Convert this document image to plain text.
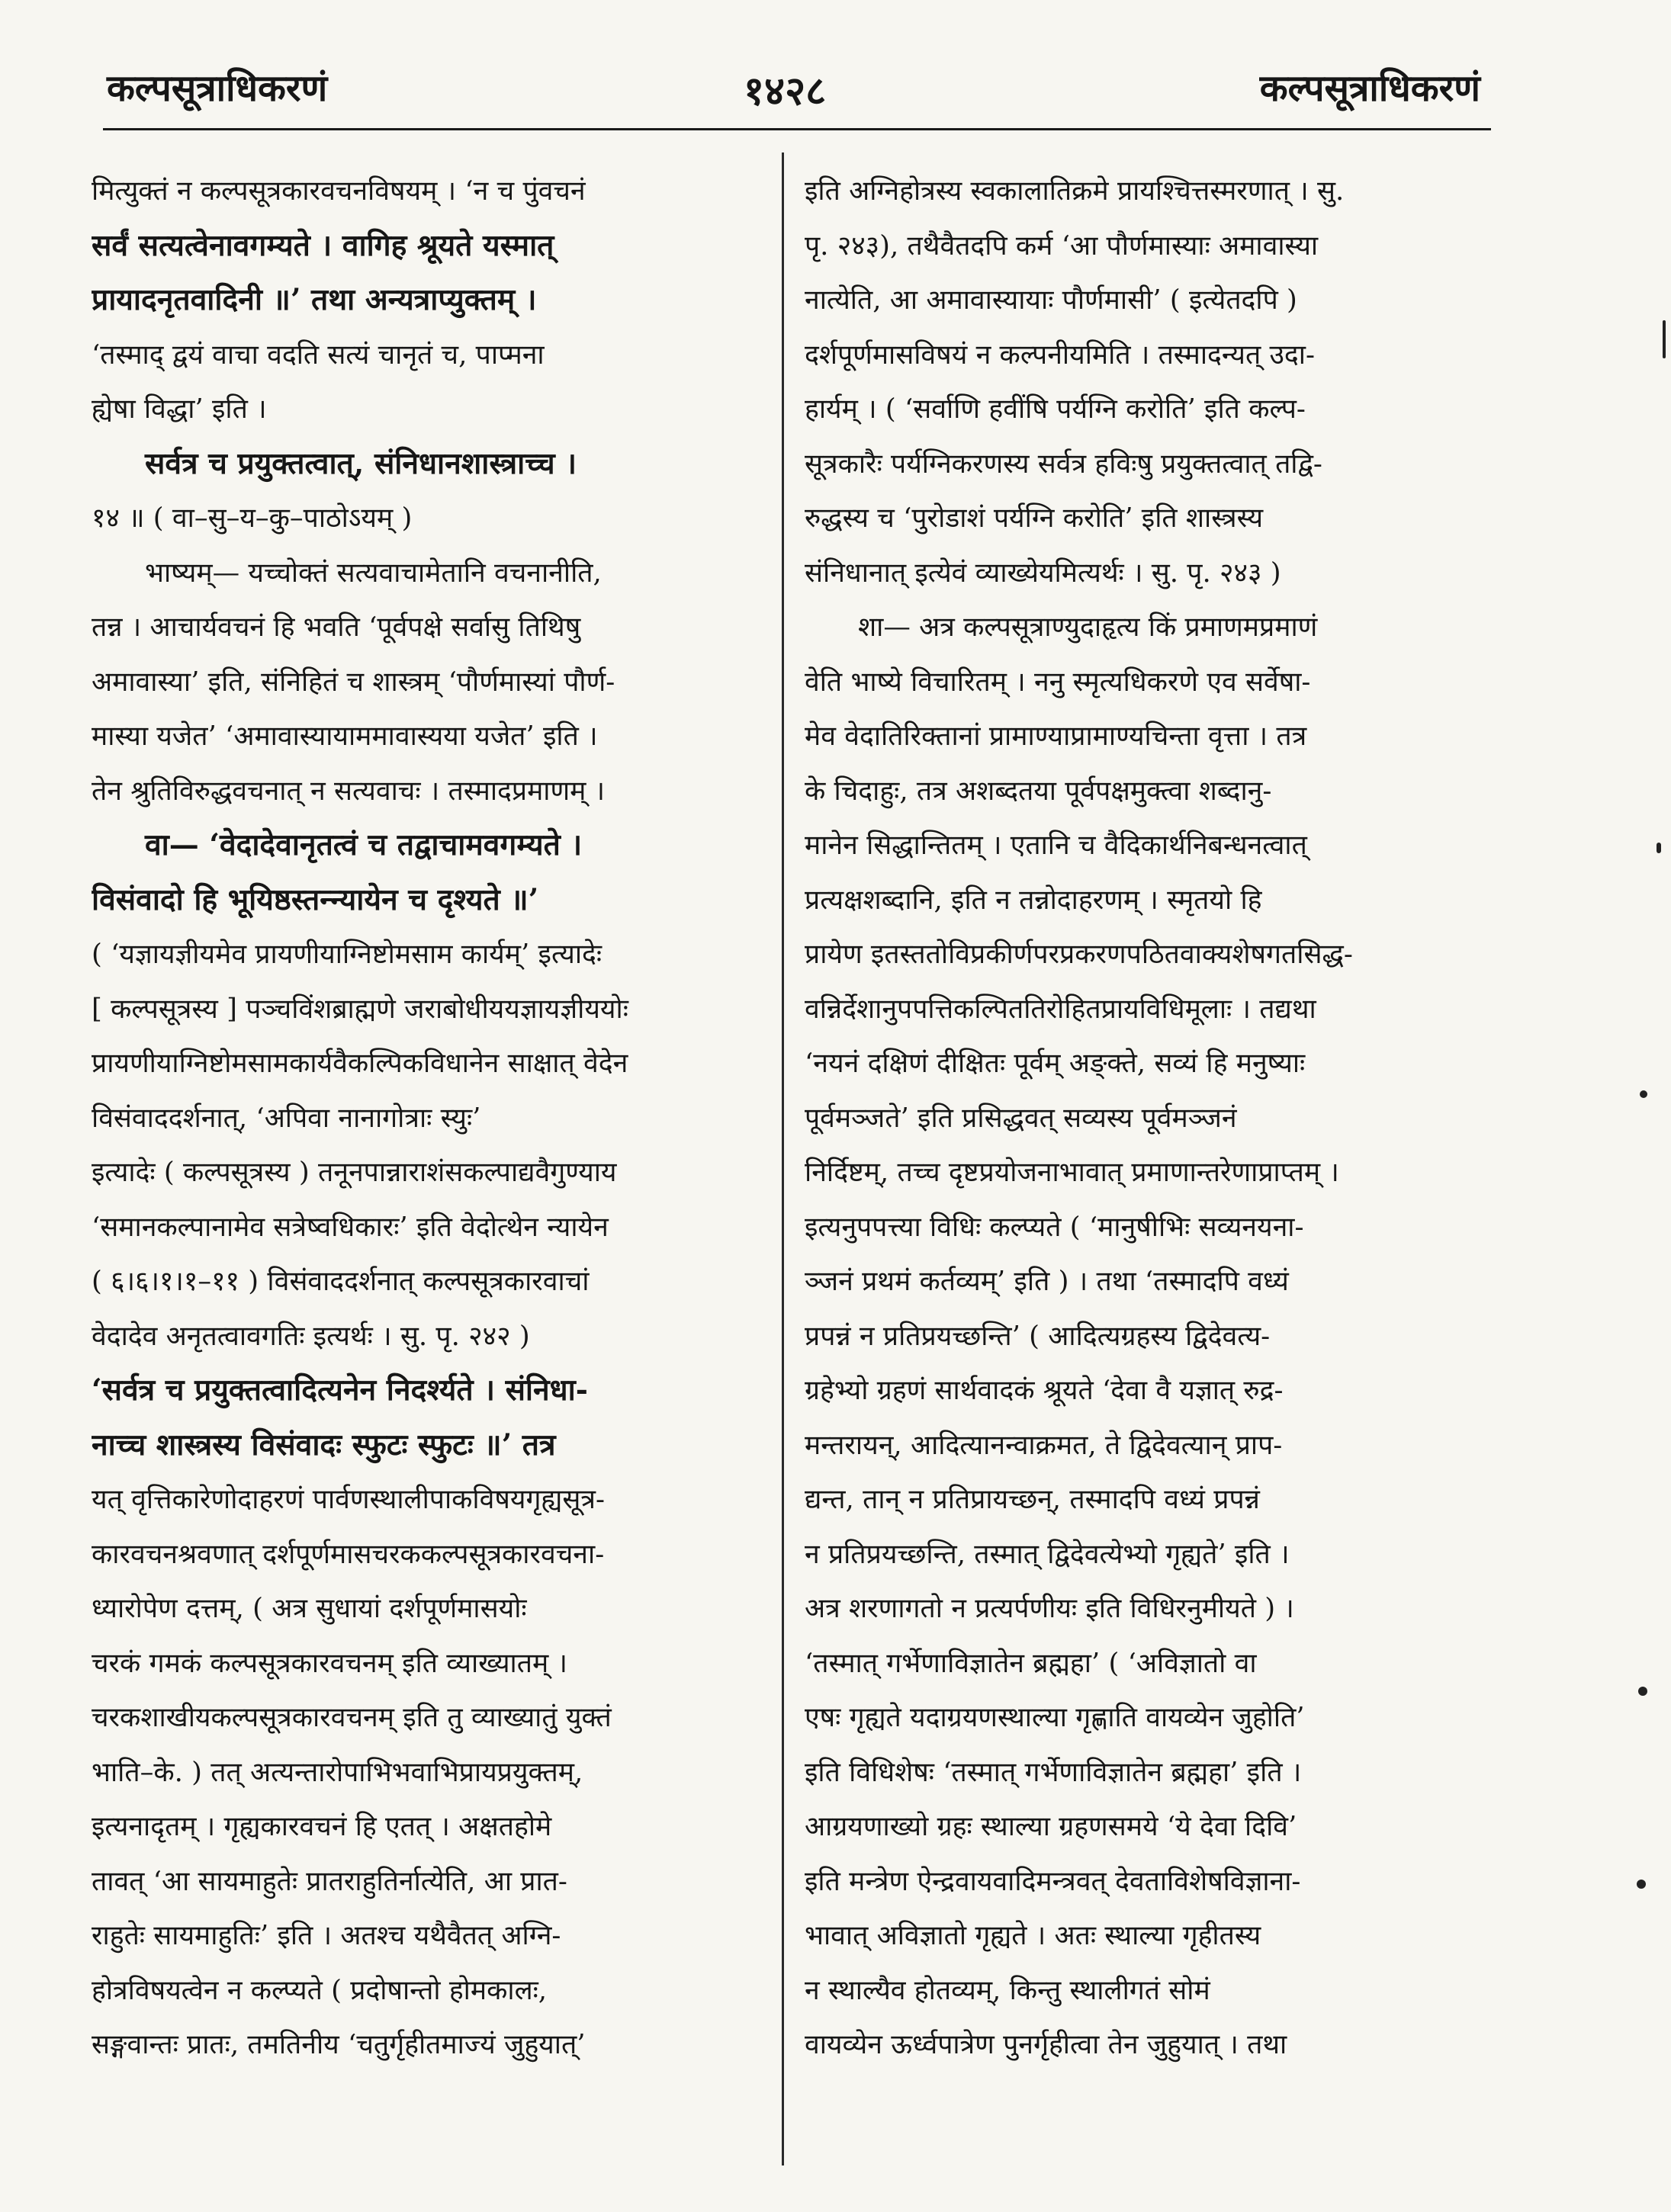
कल्पसूत्राधिकरणं	१४२८	कल्पसूत्राधिकरणं

मित्युक्तं न कल्पसूत्रकारवचनविषयम् । ‘न च पुंवचनं

सर्वं सत्यत्वेनावगम्यते । वागिह श्रूयते यस्मात्

प्रायादनृतवादिनी ॥’ तथा अन्यत्राप्युक्तम् ।

‘तस्माद् द्वयं वाचा वदति सत्यं चानृतं च, पाप्मना

ह्येषा विद्धा’ इति ।

सर्वत्र च प्रयुक्तत्वात्, संनिधानशास्त्राच्च ।

१४ ॥ ( वा–सु–य–कु–पाठोऽयम् )

भाष्यम्— यच्चोक्तं सत्यवाचामेतानि वचनानीति,

तन्न । आचार्यवचनं हि भवति ‘पूर्वपक्षे सर्वासु तिथिषु

अमावास्या’ इति, संनिहितं च शास्त्रम् ‘पौर्णमास्यां पौर्ण-

मास्या यजेत’ ‘अमावास्यायाममावास्यया यजेत’ इति ।

तेन श्रुतिविरुद्धवचनात् न सत्यवाचः । तस्मादप्रमाणम् ।

वा— ‘वेदादेवानृतत्वं च तद्वाचामवगम्यते ।

विसंवादो हि भूयिष्ठस्तन्न्यायेन च दृश्यते ॥’

( ‘यज्ञायज्ञीयमेव प्रायणीयाग्निष्टोमसाम कार्यम्’ इत्यादेः

[ कल्पसूत्रस्य ] पञ्चविंशब्राह्मणे जराबोधीययज्ञायज्ञीययोः

प्रायणीयाग्निष्टोमसामकार्यवैकल्पिकविधानेन साक्षात् वेदेन

विसंवाददर्शनात्, ‘अपिवा नानागोत्राः स्युः’

इत्यादेः ( कल्पसूत्रस्य ) तनूनपान्नाराशंसकल्पाद्यवैगुण्याय

‘समानकल्पानामेव सत्रेष्वधिकारः’ इति वेदोत्थेन न्यायेन

( ६।६।१।१–११ ) विसंवाददर्शनात् कल्पसूत्रकारवाचां

वेदादेव अनृतत्वावगतिः इत्यर्थः । सु. पृ. २४२ )

‘सर्वत्र च प्रयुक्तत्वादित्यनेन निदर्श्यते । संनिधा-

नाच्च शास्त्रस्य विसंवादः स्फुटः स्फुटः ॥’ तत्र

यत् वृत्तिकारेणोदाहरणं पार्वणस्थालीपाकविषयगृह्यसूत्र-

कारवचनश्रवणात् दर्शपूर्णमासचरककल्पसूत्रकारवचना-

ध्यारोपेण दत्तम्, ( अत्र सुधायां दर्शपूर्णमासयोः

चरकं गमकं कल्पसूत्रकारवचनम् इति व्याख्यातम् ।

चरकशाखीयकल्पसूत्रकारवचनम् इति तु व्याख्यातुं युक्तं

भाति–के. ) तत् अत्यन्तारोपाभिभवाभिप्रायप्रयुक्तम्,

इत्यनादृतम् । गृह्यकारवचनं हि एतत् । अक्षतहोमे

तावत् ‘आ सायमाहुतेः प्रातराहुतिर्नात्येति, आ प्रात-

राहुतेः सायमाहुतिः’ इति । अतश्च यथैवैतत् अग्नि-

होत्रविषयत्वेन न कल्प्यते ( प्रदोषान्तो होमकालः,

सङ्गवान्तः प्रातः, तमतिनीय ‘चतुर्गृहीतमाज्यं जुहुयात्’

इति अग्निहोत्रस्य स्वकालातिक्रमे प्रायश्चित्तस्मरणात् । सु.

पृ. २४३), तथैवैतदपि कर्म ‘आ पौर्णमास्याः अमावास्या

नात्येति, आ अमावास्यायाः पौर्णमासी’ ( इत्येतदपि )

दर्शपूर्णमासविषयं न कल्पनीयमिति । तस्मादन्यत् उदा-

हार्यम् । ( ‘सर्वाणि हवींषि पर्यग्नि करोति’ इति कल्प-

सूत्रकारैः पर्यग्निकरणस्य सर्वत्र हविःषु प्रयुक्तत्वात् तद्वि-

रुद्धस्य च ‘पुरोडाशं पर्यग्नि करोति’ इति शास्त्रस्य

संनिधानात् इत्येवं व्याख्येयमित्यर्थः । सु. पृ. २४३ )

शा— अत्र कल्पसूत्राण्युदाहृत्य किं प्रमाणमप्रमाणं

वेति भाष्ये विचारितम् । ननु स्मृत्यधिकरणे एव सर्वेषा-

मेव वेदातिरिक्तानां प्रामाण्याप्रामाण्यचिन्ता वृत्ता । तत्र

के चिदाहुः, तत्र अशब्दतया पूर्वपक्षमुक्त्वा शब्दानु-

मानेन सिद्धान्तितम् । एतानि च वैदिकार्थनिबन्धनत्वात्

प्रत्यक्षशब्दानि, इति न तन्नोदाहरणम् । स्मृतयो हि

प्रायेण इतस्ततोविप्रकीर्णपरप्रकरणपठितवाक्यशेषगतसिद्ध-

वन्निर्देशानुपपत्तिकल्पिततिरोहितप्रायविधिमूलाः । तद्यथा

‘नयनं दक्षिणं दीक्षितः पूर्वम् अङ्क्ते, सव्यं हि मनुष्याः

पूर्वमञ्जते’ इति प्रसिद्धवत् सव्यस्य पूर्वमञ्जनं

निर्दिष्टम्, तच्च दृष्टप्रयोजनाभावात् प्रमाणान्तरेणाप्राप्तम् ।

इत्यनुपपत्त्या विधिः कल्प्यते ( ‘मानुषीभिः सव्यनयना-

ञ्जनं प्रथमं कर्तव्यम्’ इति ) । तथा ‘तस्मादपि वध्यं

प्रपन्नं न प्रतिप्रयच्छन्ति’ ( आदित्यग्रहस्य द्विदेवत्य-

ग्रहेभ्यो ग्रहणं सार्थवादकं श्रूयते ‘देवा वै यज्ञात् रुद्र-

मन्तरायन्, आदित्यानन्वाक्रमत, ते द्विदेवत्यान् प्राप-

द्यन्त, तान् न प्रतिप्रायच्छन्, तस्मादपि वध्यं प्रपन्नं

न प्रतिप्रयच्छन्ति, तस्मात् द्विदेवत्येभ्यो गृह्यते’ इति ।

अत्र शरणागतो न प्रत्यर्पणीयः इति विधिरनुमीयते ) ।

‘तस्मात् गर्भेणाविज्ञातेन ब्रह्महा’ ( ‘अविज्ञातो वा

एषः गृह्यते यदाग्रयणस्थाल्या गृह्णाति वायव्येन जुहोति’

इति विधिशेषः ‘तस्मात् गर्भेणाविज्ञातेन ब्रह्महा’ इति ।

आग्रयणाख्यो ग्रहः स्थाल्या ग्रहणसमये ‘ये देवा दिवि’

इति मन्त्रेण ऐन्द्रवायवादिमन्त्रवत् देवताविशेषविज्ञाना-

भावात् अविज्ञातो गृह्यते । अतः स्थाल्या गृहीतस्य

न स्थाल्यैव होतव्यम्, किन्तु स्थालीगतं सोमं

वायव्येन ऊर्ध्वपात्रेण पुनर्गृहीत्वा तेन जुहुयात् । तथा
